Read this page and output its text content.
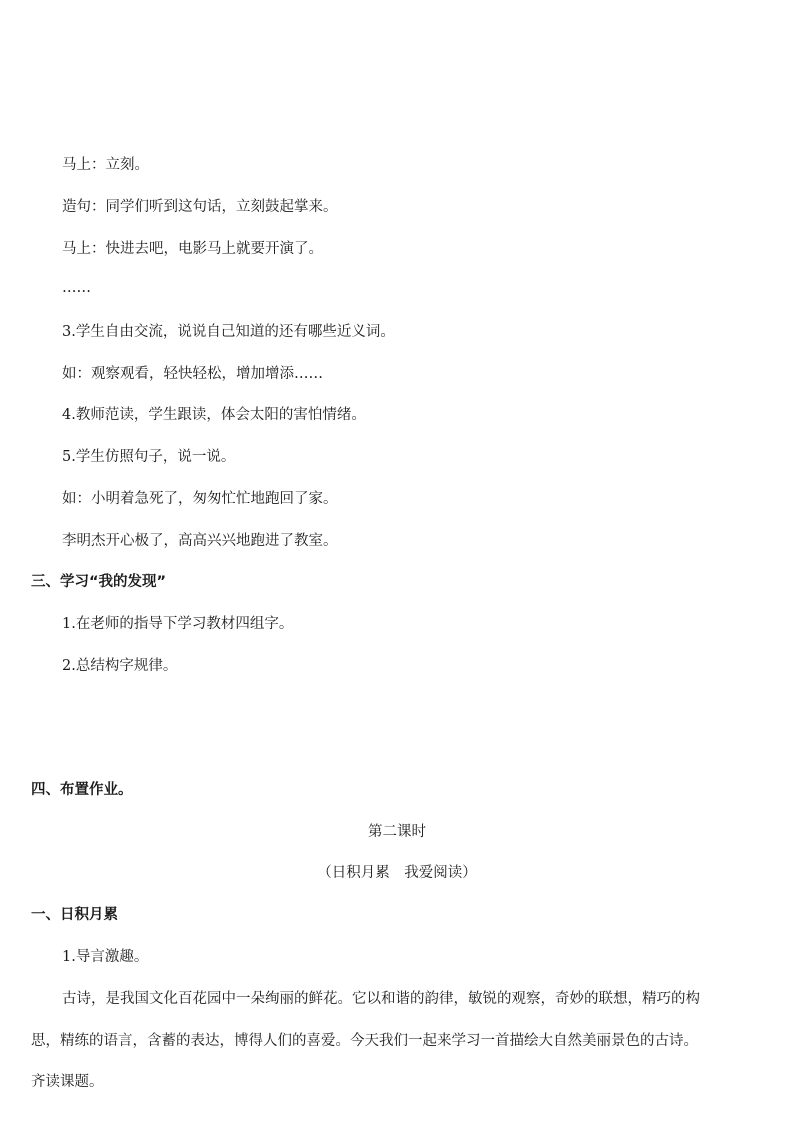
马上：立刻。
造句：同学们听到这句话，立刻鼓起掌来。
马上：快进去吧，电影马上就要开演了。
……
3.学生自由交流，说说自己知道的还有哪些近义词。
如：观察观看，轻快轻松，增加增添……
4.教师范读，学生跟读，体会太阳的害怕情绪。
5.学生仿照句子，说一说。
如：小明着急死了，匆匆忙忙地跑回了家。
李明杰开心极了，高高兴兴地跑进了教室。
三、学习“我的发现”
1.在老师的指导下学习教材四组字。
2.总结构字规律。
四、布置作业。
第二课时
（日积月累　我爱阅读）
一、日积月累
1.导言激趣。
古诗，是我国文化百花园中一朵绚丽的鲜花。它以和谐的韵律，敏锐的观察，奇妙的联想，精巧的构
思，精练的语言，含蓄的表达，博得人们的喜爱。今天我们一起来学习一首描绘大自然美丽景色的古诗。
齐读课题。
